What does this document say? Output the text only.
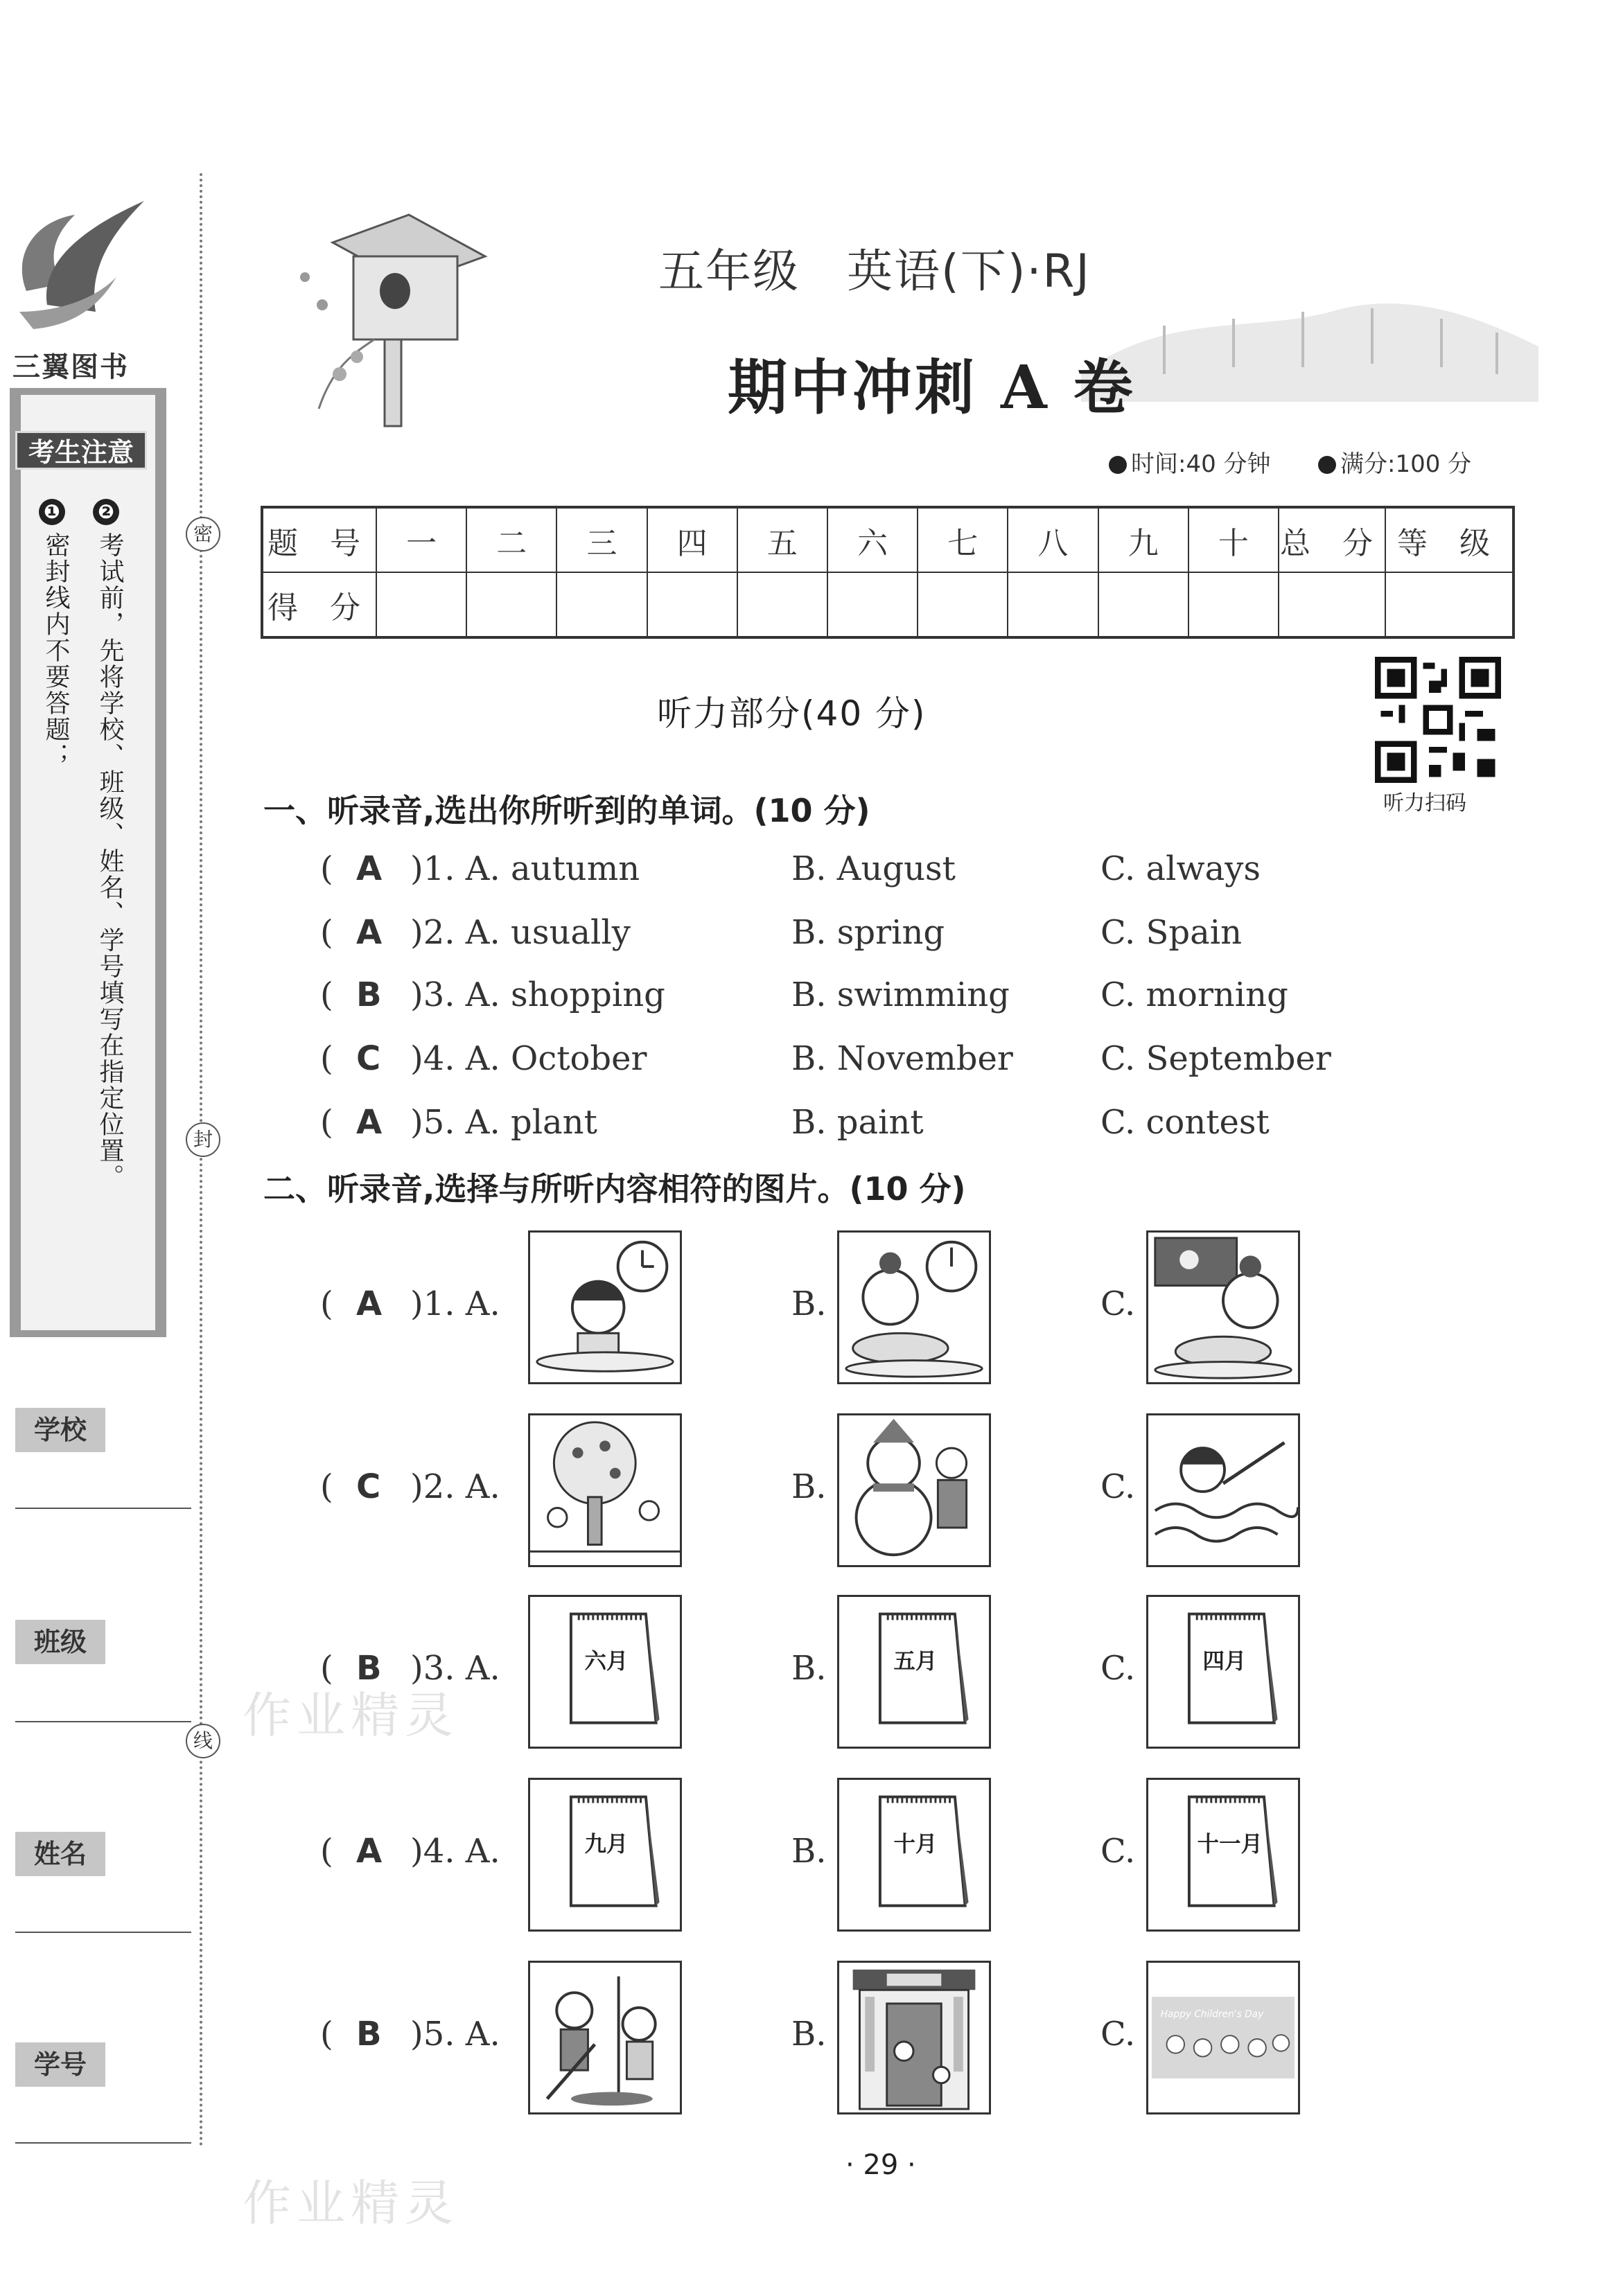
三翼图书
考生注意
❶
密封线内不要答题；
❷
考试前，先将学校、班级、姓名、学号填写在指定位置。
学校
班级
姓名
学号
密
封
线
五年级　英语(下)·RJ
期中冲刺 A 卷
时间:40 分钟	满分:100 分
题 号	一	二	三	四	五	六	七	八	九	十	总 分	等 级
得 分												
听力部分(40 分)
听力扫码
一、听录音,选出你所听到的单词。(10 分)
( A )1. A. autumn	B. August	C. always
( A )2. A. usually	B. spring	C. Spain
( B )3. A. shopping	B. swimming	C. morning
( C )4. A. October	B. November	C. September
( A )5. A. plant	B. paint	C. contest
二、听录音,选择与所听内容相符的图片。(10 分)
( A )1. A.	B.	C.
( C )2. A.	B.	C.
( B )3. A.	六月	B.	五月	C.	四月
( A )4. A.	九月	B.	十月	C.	十一月
( B )5. A.	B.	C.
Happy Children's Day
作业精灵
作业精灵
· 29 ·
